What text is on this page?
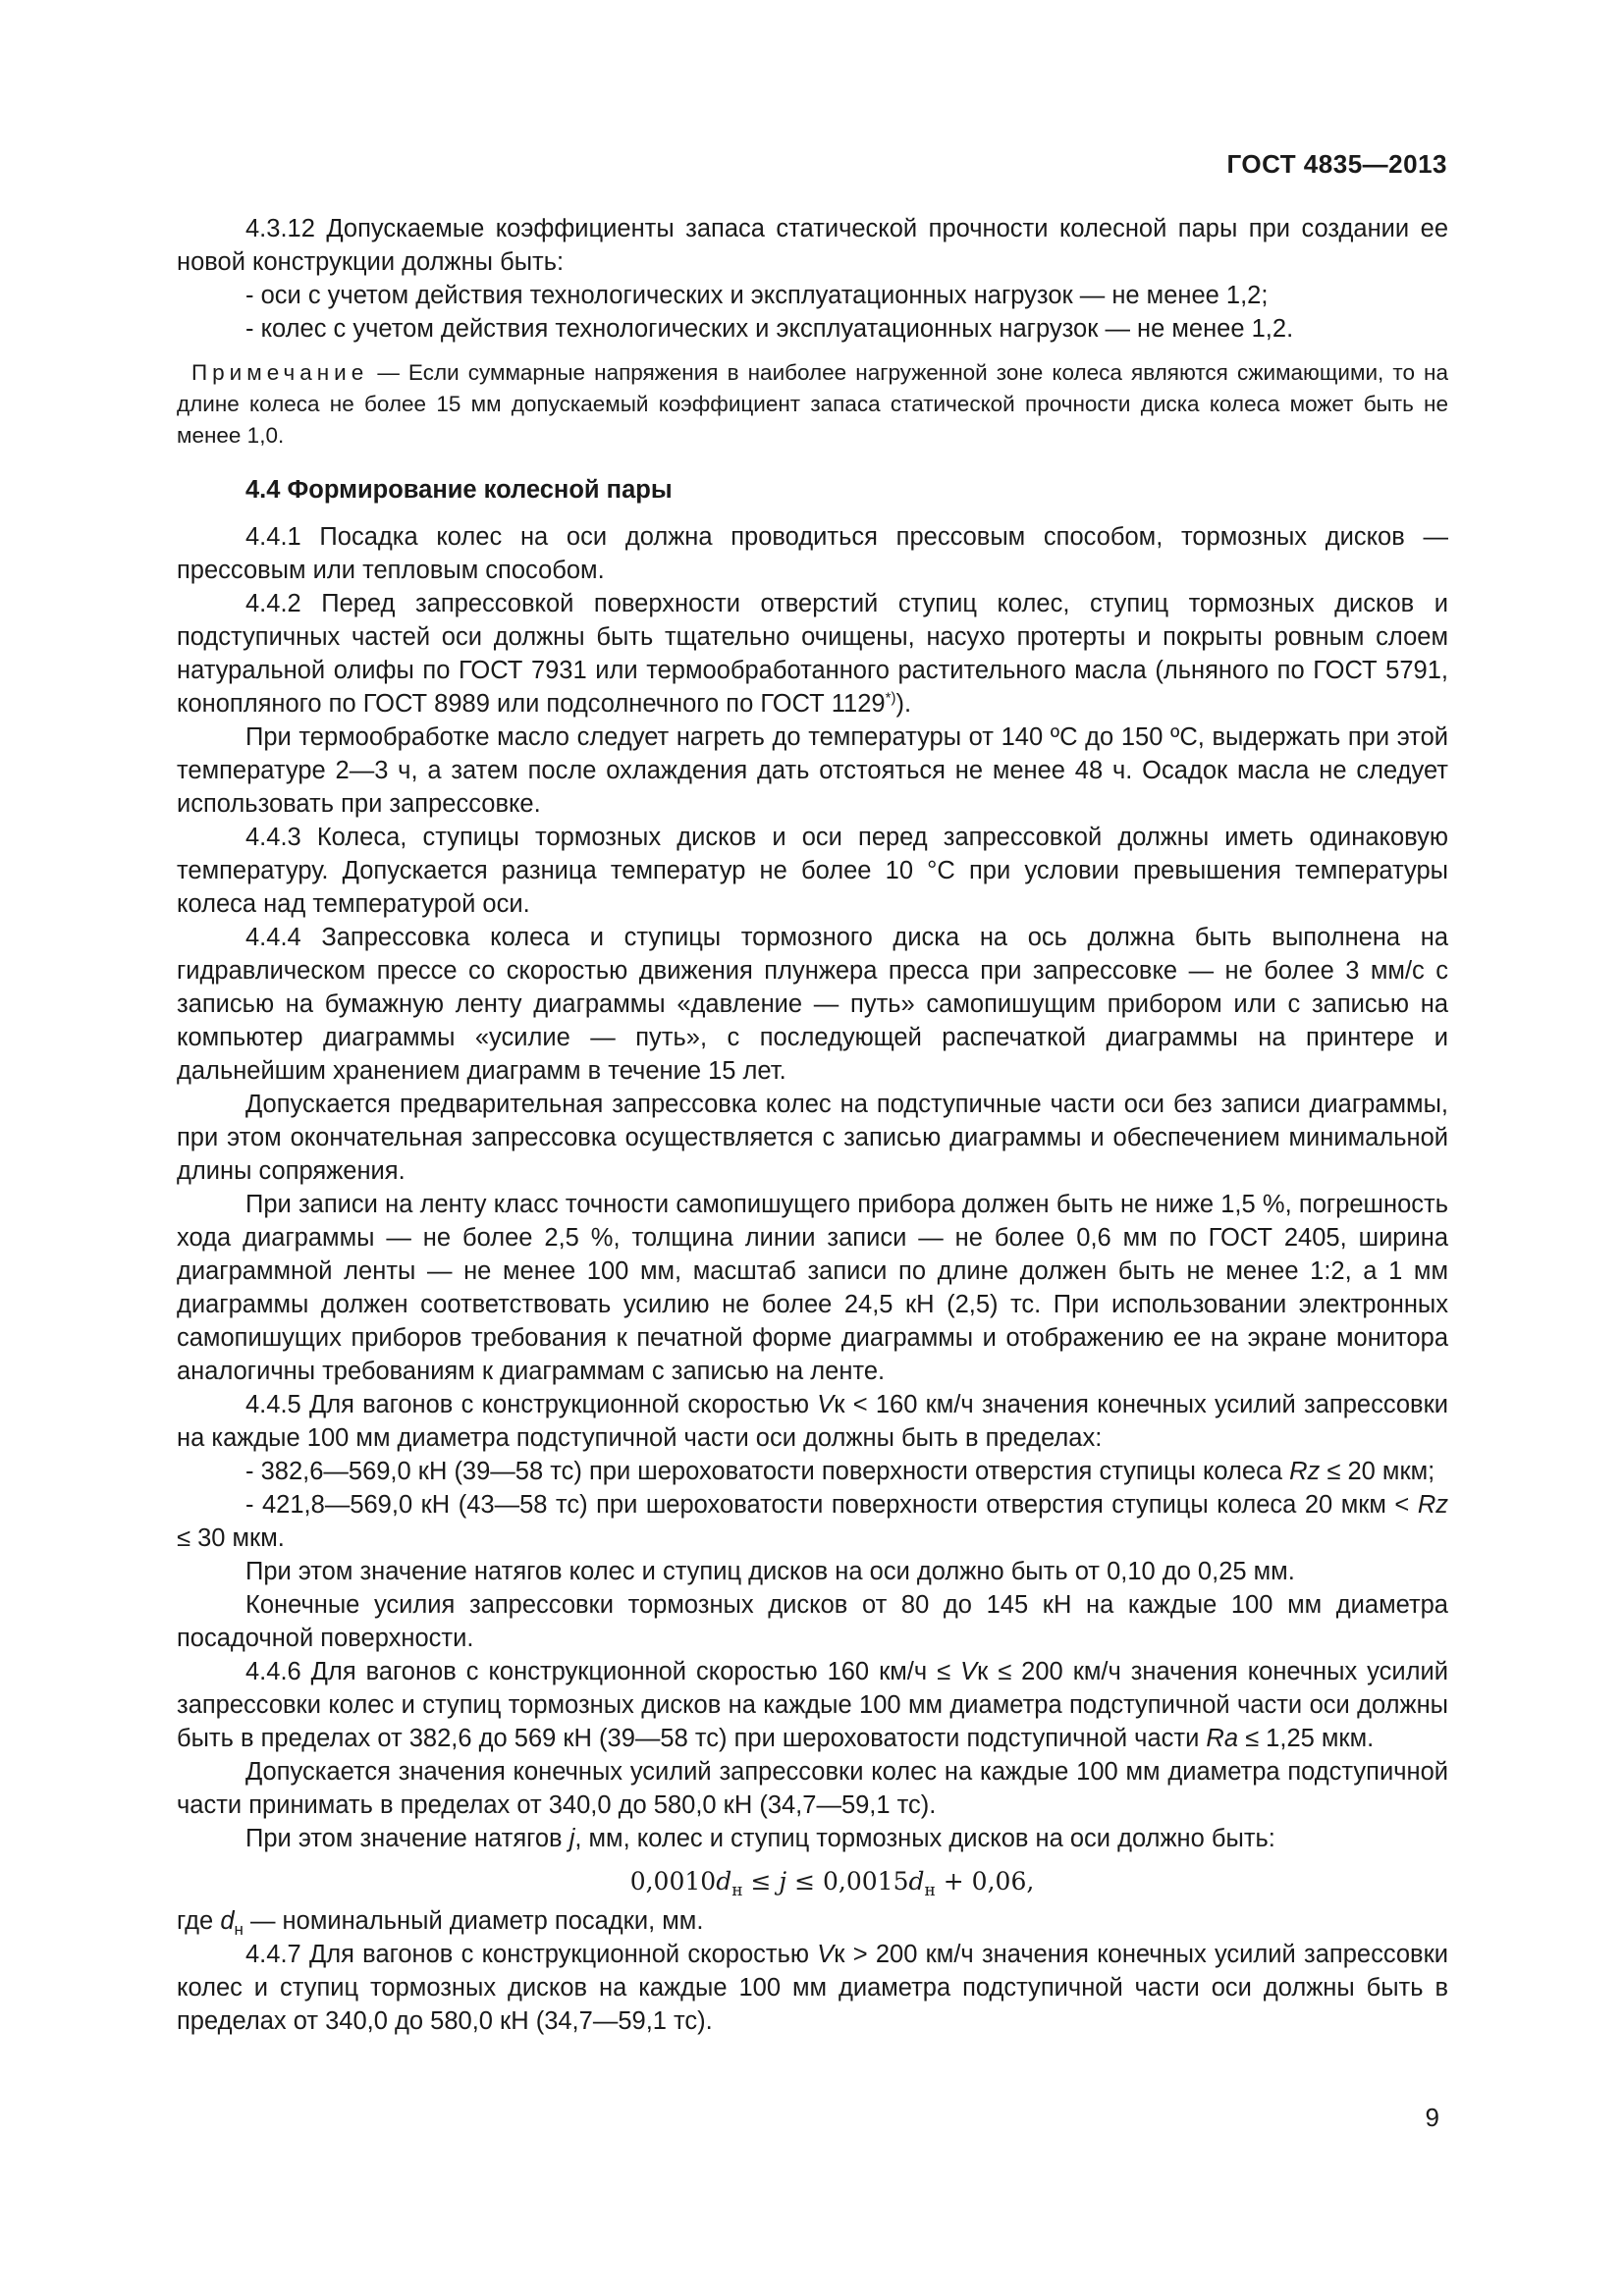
ГОСТ 4835—2013

4.3.12 Допускаемые коэффициенты запаса статической прочности колесной пары при создании ее новой конструкции должны быть:

- оси с учетом действия технологических и эксплуатационных нагрузок — не менее 1,2;

- колес с учетом действия технологических и эксплуатационных нагрузок — не менее 1,2.

Примечание — Если суммарные напряжения в наиболее нагруженной зоне колеса являются сжимающими, то на длине колеса не более 15 мм допускаемый коэффициент запаса статической прочности диска колеса может быть не менее 1,0.

4.4 Формирование колесной пары

4.4.1 Посадка колес на оси должна проводиться прессовым способом, тормозных дисков — прессовым или тепловым способом.

4.4.2 Перед запрессовкой поверхности отверстий ступиц колес, ступиц тормозных дисков и подступичных частей оси должны быть тщательно очищены, насухо протерты и покрыты ровным слоем натуральной олифы по ГОСТ 7931 или термообработанного растительного масла (льняного по ГОСТ 5791, конопляного по ГОСТ 8989 или подсолнечного по ГОСТ 1129*)).

При термообработке масло следует нагреть до температуры от 140 ºС до 150 ºС, выдержать при этой температуре 2—3 ч, а затем после охлаждения дать отстояться не менее 48 ч. Осадок масла не следует использовать при запрессовке.

4.4.3 Колеса, ступицы тормозных дисков и оси перед запрессовкой должны иметь одинаковую температуру. Допускается разница температур не более 10 °С при условии превышения температуры колеса над температурой оси.

4.4.4 Запрессовка колеса и ступицы тормозного диска на ось должна быть выполнена на гидравлическом прессе со скоростью движения плунжера пресса при запрессовке — не более 3 мм/с с записью на бумажную ленту диаграммы «давление — путь» самопишущим прибором или с записью на компьютер диаграммы «усилие — путь», с последующей распечаткой диаграммы на принтере и дальнейшим хранением диаграмм в течение 15 лет.

Допускается предварительная запрессовка колес на подступичные части оси без записи диаграммы, при этом окончательная запрессовка осуществляется с записью диаграммы и обеспечением минимальной длины сопряжения.

При записи на ленту класс точности самопишущего прибора должен быть не ниже 1,5 %, погрешность хода диаграммы — не более 2,5 %, толщина линии записи — не более 0,6 мм по ГОСТ 2405, ширина диаграммной ленты — не менее 100 мм, масштаб записи по длине должен быть не менее 1:2, а 1 мм диаграммы должен соответствовать усилию не более 24,5 кН (2,5) тс. При использовании электронных самопишущих приборов требования к печатной форме диаграммы и отображению ее на экране монитора аналогичны требованиям к диаграммам с записью на ленте.

4.4.5 Для вагонов с конструкционной скоростью Vк < 160 км/ч значения конечных усилий запрессовки на каждые 100 мм диаметра подступичной части оси должны быть в пределах:

- 382,6—569,0 кН (39—58 тс) при шероховатости поверхности отверстия ступицы колеса Rz ≤ 20 мкм;

- 421,8—569,0 кН (43—58 тс) при шероховатости поверхности отверстия ступицы колеса 20 мкм < Rz ≤ 30 мкм.

При этом значение натягов колес и ступиц дисков на оси должно быть от 0,10 до 0,25 мм.

Конечные усилия запрессовки тормозных дисков от 80 до 145 кН на каждые 100 мм диаметра посадочной поверхности.

4.4.6 Для вагонов с конструкционной скоростью 160 км/ч ≤ Vк ≤ 200 км/ч значения конечных усилий запрессовки колес и ступиц тормозных дисков на каждые 100 мм диаметра подступичной части оси должны быть в пределах от 382,6 до 569 кН (39—58 тс) при шероховатости подступичной части Ra ≤ 1,25 мкм.

Допускается значения конечных усилий запрессовки колес на каждые 100 мм диаметра подступичной части принимать в пределах от 340,0 до 580,0 кН (34,7—59,1 тс).

При этом значение натягов j, мм, колес и ступиц тормозных дисков на оси должно быть:

$0,0010d_н \le j \le 0,0015d_н + 0,06$,

где $d_н$ — номинальный диаметр посадки, мм.

4.4.7 Для вагонов с конструкционной скоростью Vк > 200 км/ч значения конечных усилий запрессовки колес и ступиц тормозных дисков на каждые 100 мм диаметра подступичной части оси должны быть в пределах от 340,0 до 580,0 кН (34,7—59,1 тс).

9
